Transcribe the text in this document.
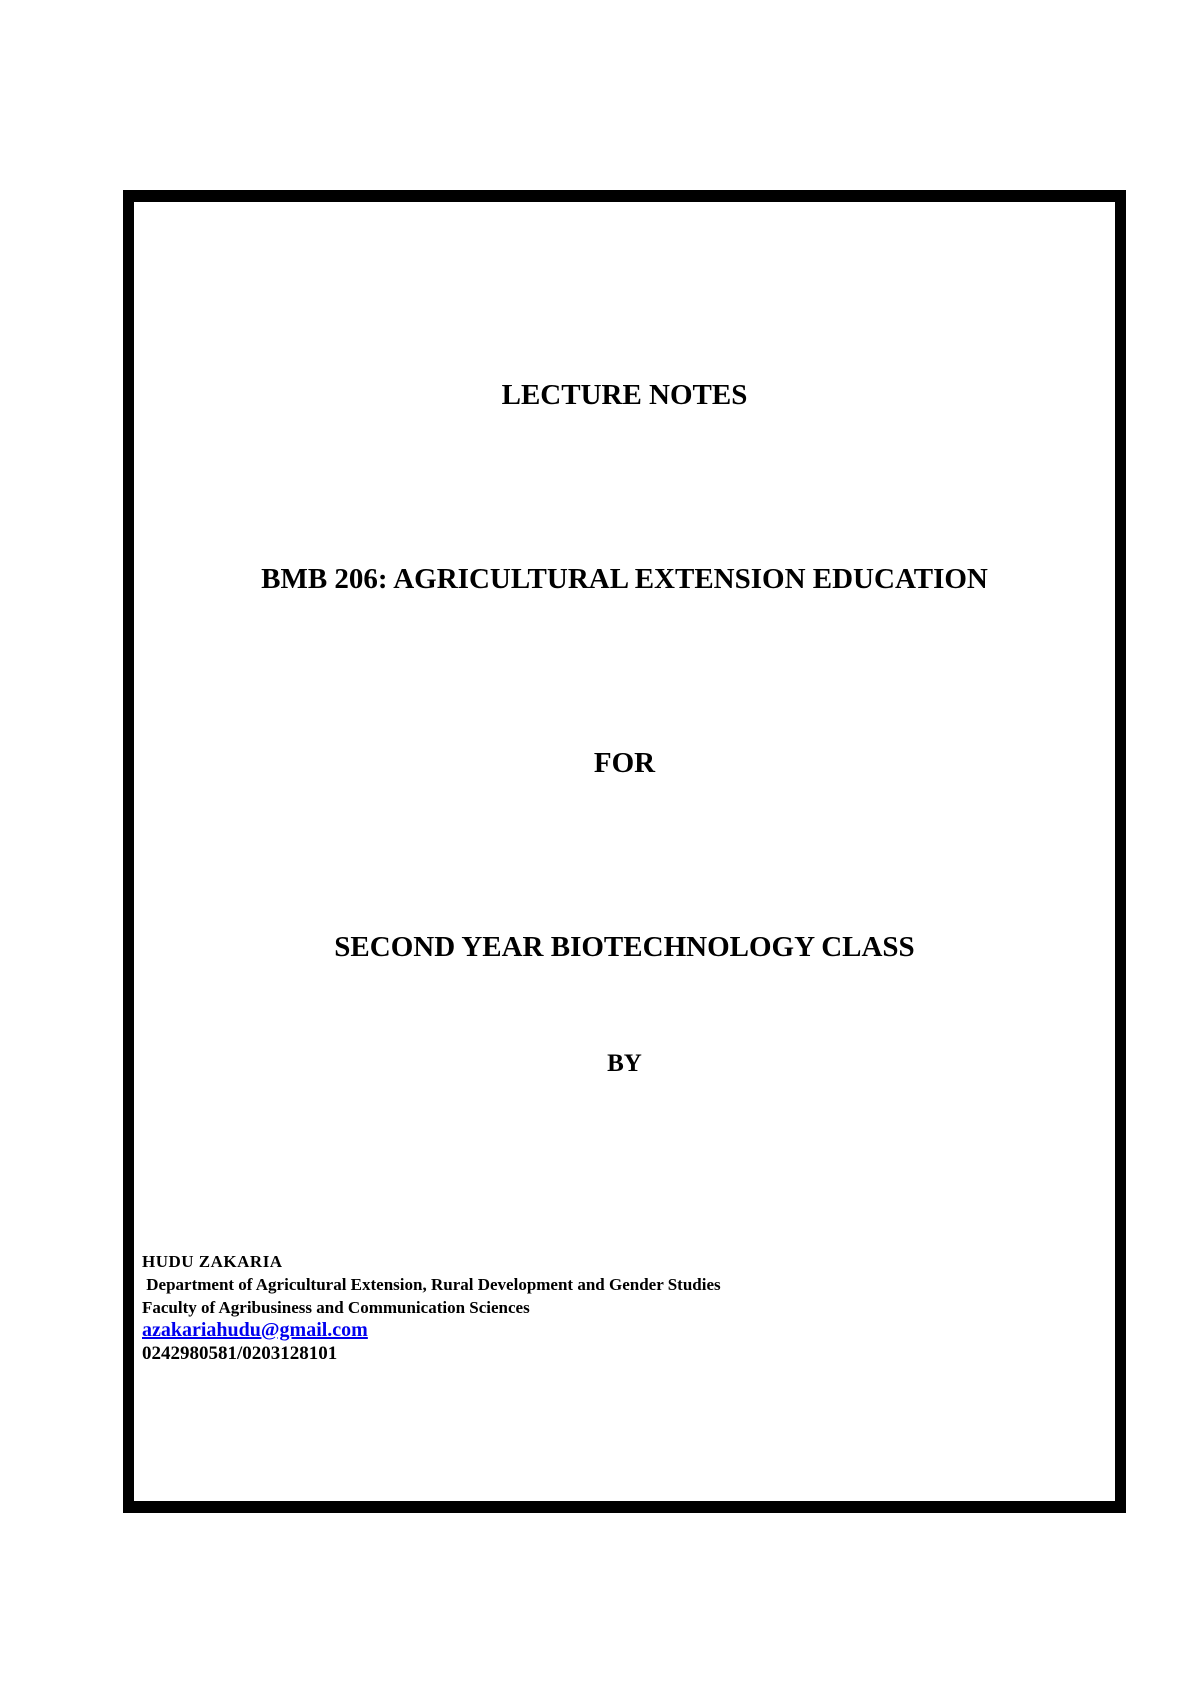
LECTURE NOTES
BMB 206: AGRICULTURAL EXTENSION EDUCATION
FOR
SECOND YEAR BIOTECHNOLOGY CLASS
BY
HUDU ZAKARIA
Department of Agricultural Extension, Rural Development and Gender Studies
Faculty of Agribusiness and Communication Sciences
azakariahudu@gmail.com
0242980581/0203128101
